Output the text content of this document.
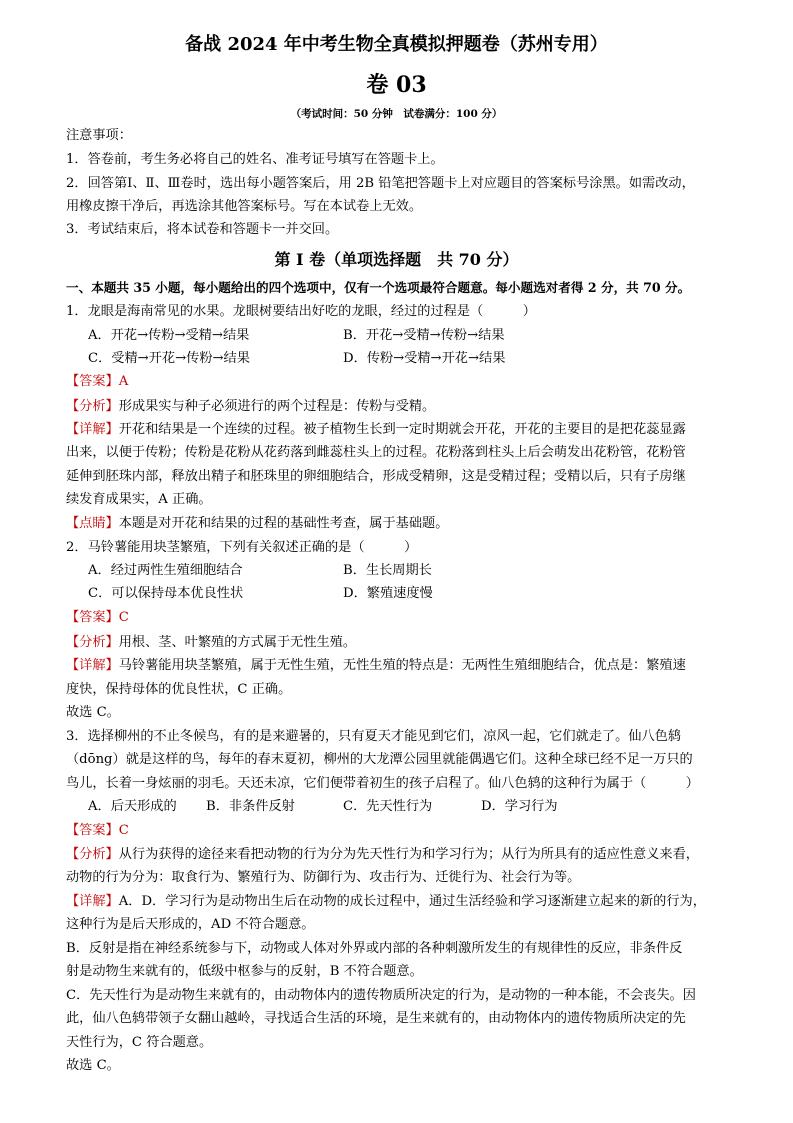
备战 2024 年中考生物全真模拟押题卷（苏州专用）
卷 03
（考试时间：50 分钟　试卷满分：100 分）
注意事项：
1．答卷前，考生务必将自己的姓名、准考证号填写在答题卡上。
2．回答第Ⅰ、Ⅱ、Ⅲ卷时，选出每小题答案后，用 2B 铅笔把答题卡上对应题目的答案标号涂黑。如需改动，
用橡皮擦干净后，再选涂其他答案标号。写在本试卷上无效。
3．考试结束后，将本试卷和答题卡一并交回。
第 I 卷（单项选择题　共 70 分）
一、本题共 35 小题，每小题给出的四个选项中，仅有一个选项最符合题意。每小题选对者得 2 分，共 70 分。
1．龙眼是海南常见的水果。龙眼树要结出好吃的龙眼，经过的过程是（　　　）
A．开花→传粉→受精→结果	B．开花→受精→传粉→结果
C．受精→开花→传粉→结果	D．传粉→受精→开花→结果
【答案】A
【分析】形成果实与种子必须进行的两个过程是：传粉与受精。
【详解】开花和结果是一个连续的过程。被子植物生长到一定时期就会开花，开花的主要目的是把花蕊显露
出来，以便于传粉；传粉是花粉从花药落到雌蕊柱头上的过程。花粉落到柱头上后会萌发出花粉管，花粉管
延伸到胚珠内部，释放出精子和胚珠里的卵细胞结合，形成受精卵，这是受精过程；受精以后，只有子房继
续发育成果实，A 正确。
【点睛】本题是对开花和结果的过程的基础性考查，属于基础题。
2．马铃薯能用块茎繁殖，下列有关叙述正确的是（　　　）
A．经过两性生殖细胞结合	B．生长周期长
C．可以保持母本优良性状	D．繁殖速度慢
【答案】C
【分析】用根、茎、叶繁殖的方式属于无性生殖。
【详解】马铃薯能用块茎繁殖，属于无性生殖，无性生殖的特点是：无两性生殖细胞结合，优点是：繁殖速
度快，保持母体的优良性状，C 正确。
故选 C。
3．选择柳州的不止冬候鸟，有的是来避暑的，只有夏天才能见到它们，凉风一起，它们就走了。仙八色鸫
（dōng）就是这样的鸟，每年的春末夏初，柳州的大龙潭公园里就能偶遇它们。这种全球已经不足一万只的
鸟儿，长着一身炫丽的羽毛。天还未凉，它们便带着初生的孩子启程了。仙八色鸫的这种行为属于（　　　）
A．后天形成的 B．非条件反射	C．先天性行为	D．学习行为
【答案】C
【分析】从行为获得的途径来看把动物的行为分为先天性行为和学习行为；从行为所具有的适应性意义来看，
动物的行为分为：取食行为、繁殖行为、防御行为、攻击行为、迁徙行为、社会行为等。
【详解】A．D．学习行为是动物出生后在动物的成长过程中，通过生活经验和学习逐渐建立起来的新的行为，
这种行为是后天形成的，AD 不符合题意。
B．反射是指在神经系统参与下，动物或人体对外界或内部的各种刺激所发生的有规律性的反应，非条件反
射是动物生来就有的，低级中枢参与的反射，B 不符合题意。
C．先天性行为是动物生来就有的，由动物体内的遗传物质所决定的行为，是动物的一种本能，不会丧失。因
此，仙八色鸫带领子女翻山越岭，寻找适合生活的环境，是生来就有的，由动物体内的遗传物质所决定的先
天性行为，C 符合题意。
故选 C。
